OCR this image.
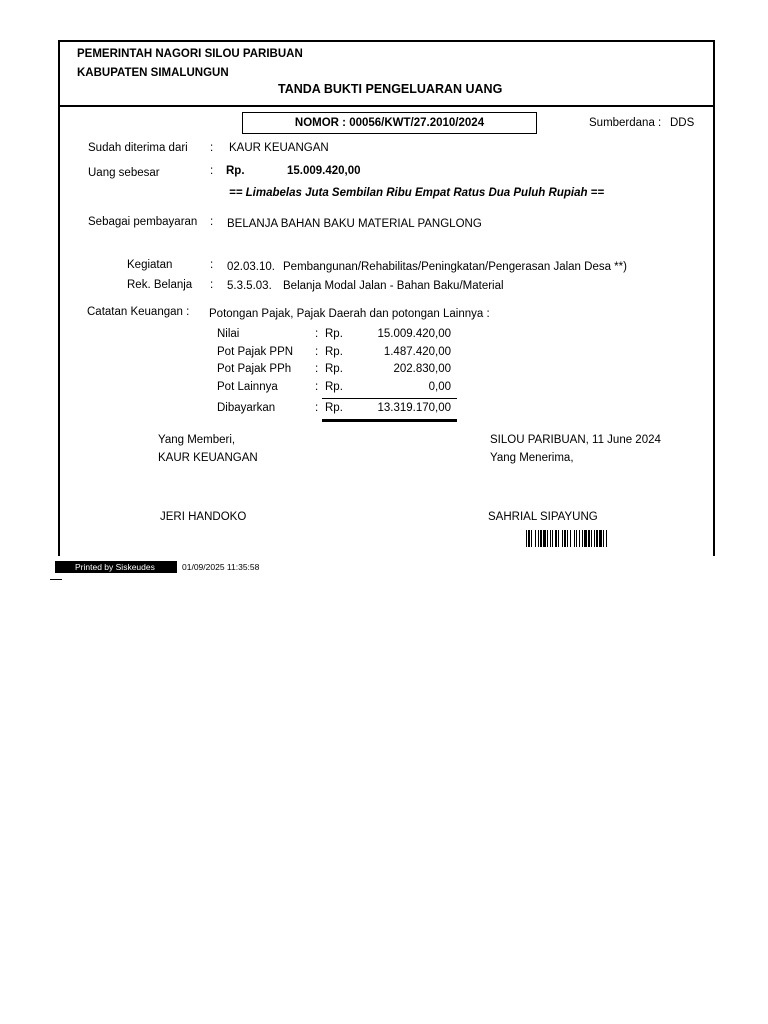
PEMERINTAH NAGORI SILOU PARIBUAN
KABUPATEN SIMALUNGUN
TANDA BUKTI PENGELUARAN UANG
NOMOR : 00056/KWT/27.2010/2024	Sumberdana : DDS
Sudah diterima dari : KAUR KEUANGAN
Uang sebesar	: Rp.	15.009.420,00
== Limabelas Juta Sembilan Ribu Empat Ratus Dua Puluh Rupiah ==
Sebagai pembayaran : BELANJA BAHAN BAKU MATERIAL PANGLONG
Kegiatan	: 02.03.10. Pembangunan/Rehabilitas/Peningkatan/Pengerasan Jalan Desa **)
Rek. Belanja : 5.3.5.03. Belanja Modal Jalan - Bahan Baku/Material
Catatan Keuangan : Potongan Pajak, Pajak Daerah dan potongan Lainnya :
Nilai	: Rp.	15.009.420,00
Pot Pajak PPN : Rp.	1.487.420,00
Pot Pajak PPh : Rp.	202.830,00
Pot Lainnya	: Rp.	0,00
Dibayarkan	: Rp.	13.319.170,00
Yang Memberi,
KAUR KEUANGAN
JERI HANDOKO
SILOU PARIBUAN, 11 June 2024
Yang Menerima,
SAHRIAL SIPAYUNG
Printed by Siskeudes	01/09/2025 11:35:58
